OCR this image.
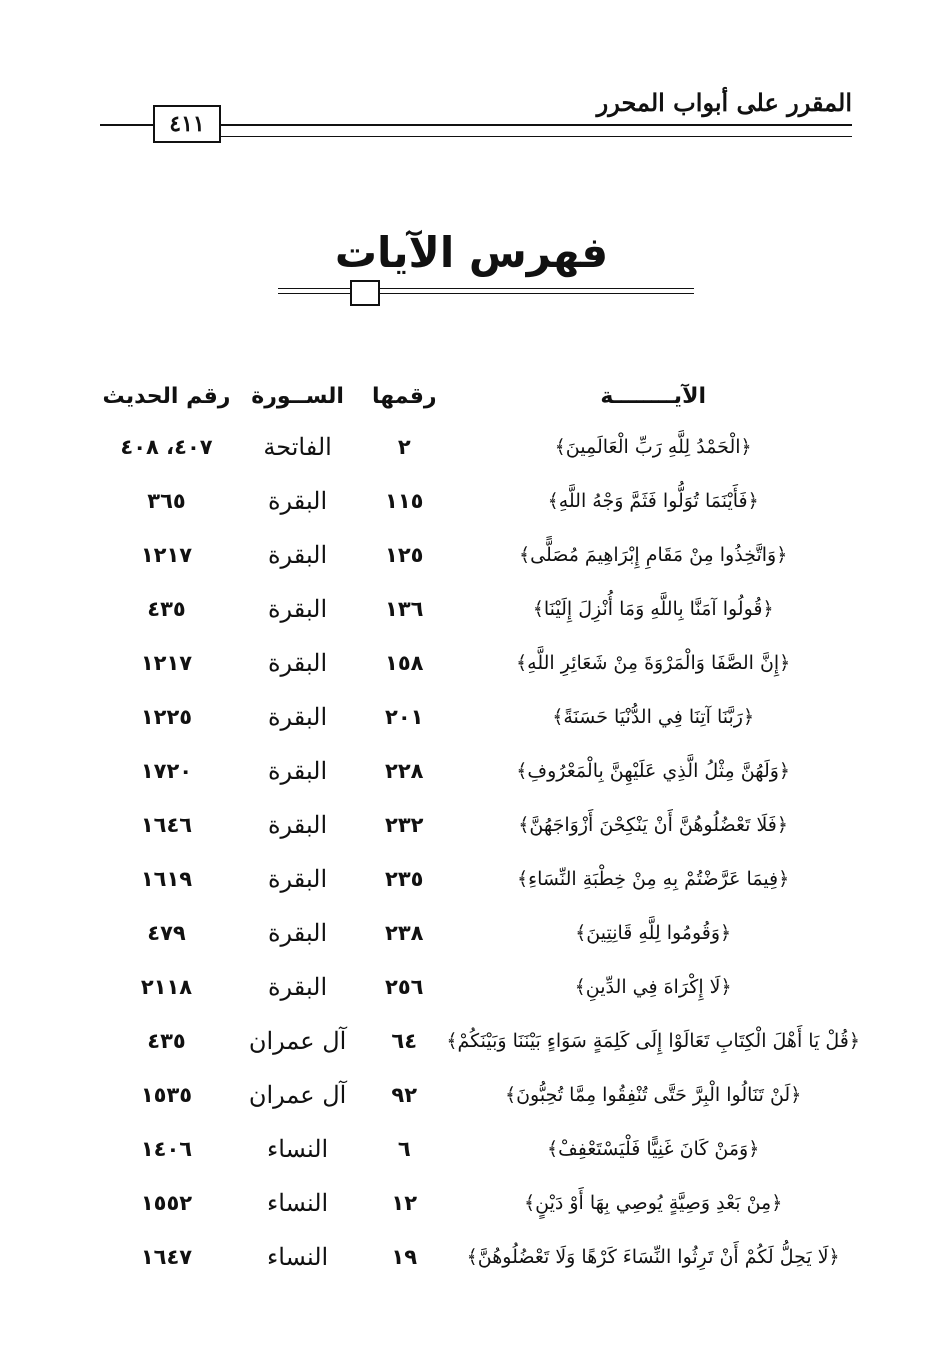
المقرر على أبواب المحرر
٤١١
فهرس الآيات
الآيــــــــة	رقمها	الســورة	رقم الحديث
﴿الْحَمْدُ لِلَّهِ رَبِّ الْعَالَمِينَ﴾	٢	الفاتحة	٤٠٧، ٤٠٨
﴿فَأَيْنَمَا تُوَلُّوا فَثَمَّ وَجْهُ اللَّهِ﴾	١١٥	البقرة	٣٦٥
﴿وَاتَّخِذُوا مِنْ مَقَامِ إِبْرَاهِيمَ مُصَلًّى﴾	١٢٥	البقرة	١٢١٧
﴿قُولُوا آمَنَّا بِاللَّهِ وَمَا أُنْزِلَ إِلَيْنَا﴾	١٣٦	البقرة	٤٣٥
﴿إِنَّ الصَّفَا وَالْمَرْوَةَ مِنْ شَعَائِرِ اللَّهِ﴾	١٥٨	البقرة	١٢١٧
﴿رَبَّنَا آتِنَا فِي الدُّنْيَا حَسَنَةً﴾	٢٠١	البقرة	١٢٢٥
﴿وَلَهُنَّ مِثْلُ الَّذِي عَلَيْهِنَّ بِالْمَعْرُوفِ﴾	٢٢٨	البقرة	١٧٢٠
﴿فَلَا تَعْضُلُوهُنَّ أَنْ يَنْكِحْنَ أَزْوَاجَهُنَّ﴾	٢٣٢	البقرة	١٦٤٦
﴿فِيمَا عَرَّضْتُمْ بِهِ مِنْ خِطْبَةِ النِّسَاءِ﴾	٢٣٥	البقرة	١٦١٩
﴿وَقُومُوا لِلَّهِ قَانِتِينَ﴾	٢٣٨	البقرة	٤٧٩
﴿لَا إِكْرَاهَ فِي الدِّينِ﴾	٢٥٦	البقرة	٢١١٨
﴿قُلْ يَا أَهْلَ الْكِتَابِ تَعَالَوْا إِلَى كَلِمَةٍ سَوَاءٍ بَيْنَنَا وَبَيْنَكُمْ﴾	٦٤	آل عمران	٤٣٥
﴿لَنْ تَنَالُوا الْبِرَّ حَتَّى تُنْفِقُوا مِمَّا تُحِبُّونَ﴾	٩٢	آل عمران	١٥٣٥
﴿وَمَنْ كَانَ غَنِيًّا فَلْيَسْتَعْفِفْ﴾	٦	النساء	١٤٠٦
﴿مِنْ بَعْدِ وَصِيَّةٍ يُوصِي بِهَا أَوْ دَيْنٍ﴾	١٢	النساء	١٥٥٢
﴿لَا يَحِلُّ لَكُمْ أَنْ تَرِثُوا النِّسَاءَ كَرْهًا وَلَا تَعْضُلُوهُنَّ﴾	١٩	النساء	١٦٤٧
